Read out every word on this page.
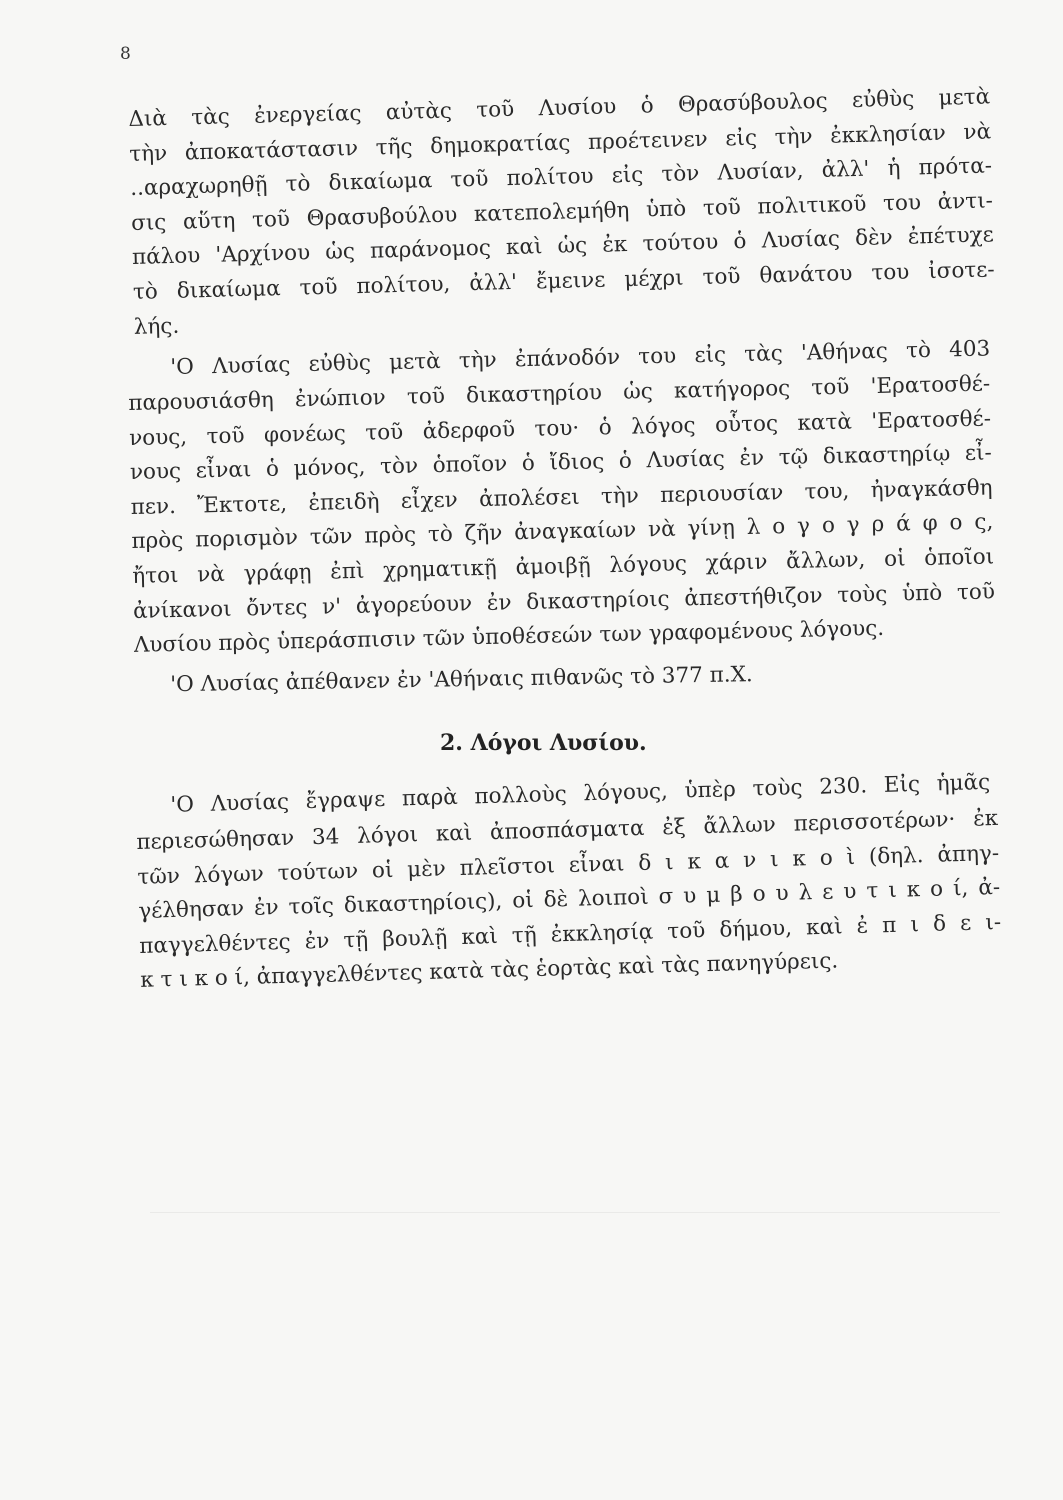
8
Διὰ τὰς ἐνεργείας αὐτὰς τοῦ Λυσίου ὁ Θρασύβουλος εὐθὺς μετὰ
τὴν ἀποκατάστασιν τῆς δημοκρατίας προέτεινεν εἰς τὴν ἐκκλησίαν νὰ
..αραχωρηθῇ τὸ δικαίωμα τοῦ πολίτου εἰς τὸν Λυσίαν, ἀλλ' ἡ πρότα-
σις αὕτη τοῦ Θρασυβούλου κατεπολεμήθη ὑπὸ τοῦ πολιτικοῦ του ἀντι-
πάλου 'Αρχίνου ὡς παράνομος καὶ ὡς ἐκ τούτου ὁ Λυσίας δὲν ἐπέτυχε
τὸ δικαίωμα τοῦ πολίτου, ἀλλ' ἔμεινε μέχρι τοῦ θανάτου του ἰσοτε-
λής.
'Ο Λυσίας εὐθὺς μετὰ τὴν ἐπάνοδόν του εἰς τὰς 'Αθήνας τὸ 403
παρουσιάσθη ἐνώπιον τοῦ δικαστηρίου ὡς κατήγορος τοῦ 'Ερατοσθέ-
νους, τοῦ φονέως τοῦ ἀδερφοῦ του· ὁ λόγος οὗτος κατὰ 'Ερατοσθέ-
νους εἶναι ὁ μόνος, τὸν ὁποῖον ὁ ἴδιος ὁ Λυσίας ἐν τῷ δικαστηρίῳ εἶ-
πεν. Ἔκτοτε, ἐπειδὴ εἶχεν ἀπολέσει τὴν περιουσίαν του, ἠναγκάσθη
πρὸς πορισμὸν τῶν πρὸς τὸ ζῆν ἀναγκαίων νὰ γίνῃ λ ο γ ο γ ρ ά φ ο ς,
ἤτοι νὰ γράφῃ ἐπὶ χρηματικῇ ἀμοιβῇ λόγους χάριν ἄλλων, οἱ ὁποῖοι
ἀνίκανοι ὄντες ν' ἀγορεύουν ἐν δικαστηρίοις ἀπεστήθιζον τοὺς ὑπὸ τοῦ
Λυσίου πρὸς ὑπεράσπισιν τῶν ὑποθέσεών των γραφομένους λόγους.
'Ο Λυσίας ἀπέθανεν ἐν 'Αθήναις πιθανῶς τὸ 377 π.Χ.
2. Λόγοι Λυσίου.
'Ο Λυσίας ἔγραψε παρὰ πολλοὺς λόγους, ὑπὲρ τοὺς 230. Εἰς ἡμᾶς
περιεσώθησαν 34 λόγοι καὶ ἀποσπάσματα ἐξ ἄλλων περισσοτέρων· ἐκ
τῶν λόγων τούτων οἱ μὲν πλεῖστοι εἶναι δ ι κ α ν ι κ ο ὶ (δηλ. ἀπηγ-
γέλθησαν ἐν τοῖς δικαστηρίοις), οἱ δὲ λοιποὶ σ υ μ β ο υ λ ε υ τ ι κ ο ί, ἀ-
παγγελθέντες ἐν τῇ βουλῇ καὶ τῇ ἐκκλησίᾳ τοῦ δήμου, καὶ ἐ π ι δ ε ι-
κ τ ι κ ο ί, ἀπαγγελθέντες κατὰ τὰς ἑορτὰς καὶ τὰς πανηγύρεις.
